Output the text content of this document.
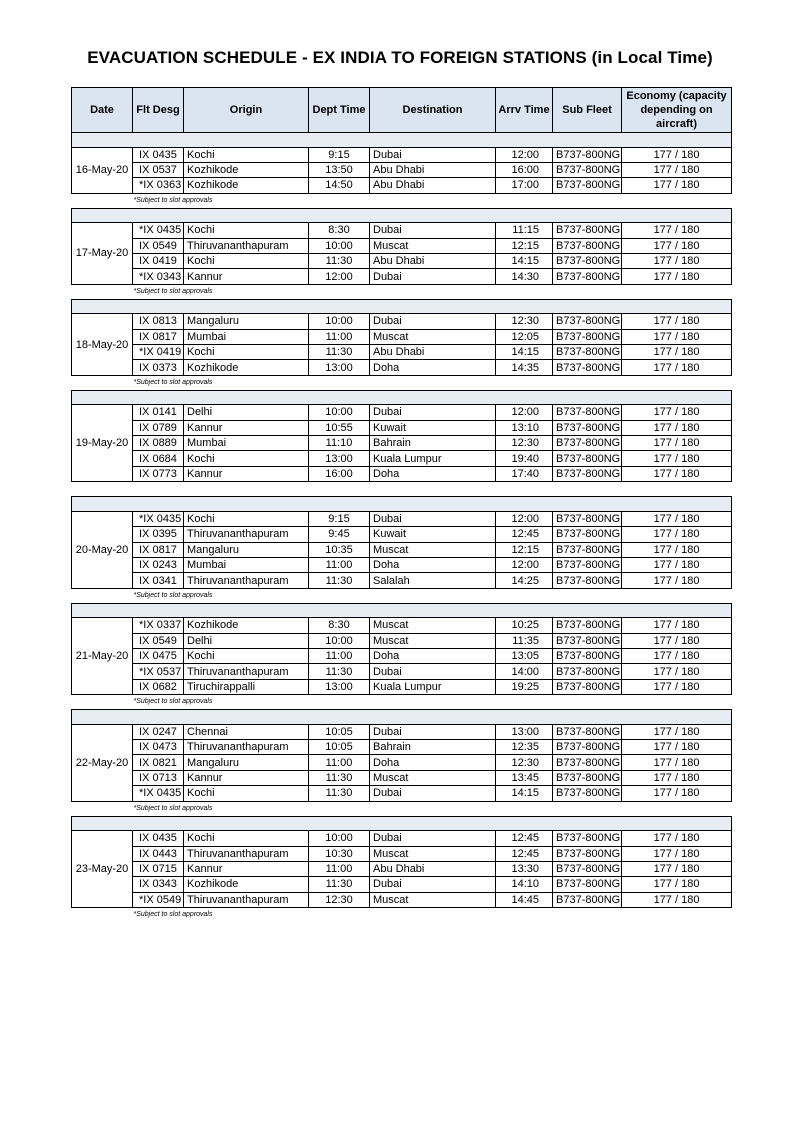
EVACUATION SCHEDULE - EX INDIA TO FOREIGN STATIONS (in Local Time)
Date	Flt Desg	Origin	Dept Time	Destination	Arrv Time	Sub Fleet	Economy (capacity depending on aircraft)

16-May-20	IX 0435	Kochi	9:15	Dubai	12:00	B737-800NG	177 / 180
	IX 0537	Kozhikode	13:50	Abu Dhabi	16:00	B737-800NG	177 / 180
	*IX 0363	Kozhikode	14:50	Abu Dhabi	17:00	B737-800NG	177 / 180
*Subject to slot approvals							

17-May-20	*IX 0435	Kochi	8:30	Dubai	11:15	B737-800NG	177 / 180
	IX 0549	Thiruvananthapuram	10:00	Muscat	12:15	B737-800NG	177 / 180
	IX 0419	Kochi	11:30	Abu Dhabi	14:15	B737-800NG	177 / 180
	*IX 0343	Kannur	12:00	Dubai	14:30	B737-800NG	177 / 180
*Subject to slot approvals							

18-May-20	IX 0813	Mangaluru	10:00	Dubai	12:30	B737-800NG	177 / 180
	IX 0817	Mumbai	11:00	Muscat	12:05	B737-800NG	177 / 180
	*IX 0419	Kochi	11:30	Abu Dhabi	14:15	B737-800NG	177 / 180
	IX 0373	Kozhikode	13:00	Doha	14:35	B737-800NG	177 / 180
*Subject to slot approvals							

19-May-20	IX 0141	Delhi	10:00	Dubai	12:00	B737-800NG	177 / 180
	IX 0789	Kannur	10:55	Kuwait	13:10	B737-800NG	177 / 180
	IX 0889	Mumbai	11:10	Bahrain	12:30	B737-800NG	177 / 180
	IX 0684	Kochi	13:00	Kuala Lumpur	19:40	B737-800NG	177 / 180
	IX 0773	Kannur	16:00	Doha	17:40	B737-800NG	177 / 180

20-May-20	*IX 0435	Kochi	9:15	Dubai	12:00	B737-800NG	177 / 180
	IX 0395	Thiruvananthapuram	9:45	Kuwait	12:45	B737-800NG	177 / 180
	IX 0817	Mangaluru	10:35	Muscat	12:15	B737-800NG	177 / 180
	IX 0243	Mumbai	11:00	Doha	12:00	B737-800NG	177 / 180
	IX 0341	Thiruvananthapuram	11:30	Salalah	14:25	B737-800NG	177 / 180
*Subject to slot approvals							

21-May-20	*IX 0337	Kozhikode	8:30	Muscat	10:25	B737-800NG	177 / 180
	IX 0549	Delhi	10:00	Muscat	11:35	B737-800NG	177 / 180
	IX 0475	Kochi	11:00	Doha	13:05	B737-800NG	177 / 180
	*IX 0537	Thiruvananthapuram	11:30	Dubai	14:00	B737-800NG	177 / 180
	IX 0682	Tiruchirappalli	13:00	Kuala Lumpur	19:25	B737-800NG	177 / 180
*Subject to slot approvals							

22-May-20	IX 0247	Chennai	10:05	Dubai	13:00	B737-800NG	177 / 180
	IX 0473	Thiruvananthapuram	10:05	Bahrain	12:35	B737-800NG	177 / 180
	IX 0821	Mangaluru	11:00	Doha	12:30	B737-800NG	177 / 180
	IX 0713	Kannur	11:30	Muscat	13:45	B737-800NG	177 / 180
	*IX 0435	Kochi	11:30	Dubai	14:15	B737-800NG	177 / 180
*Subject to slot approvals							

23-May-20	IX 0435	Kochi	10:00	Dubai	12:45	B737-800NG	177 / 180
	IX 0443	Thiruvananthapuram	10:30	Muscat	12:45	B737-800NG	177 / 180
	IX 0715	Kannur	11:00	Abu Dhabi	13:30	B737-800NG	177 / 180
	IX 0343	Kozhikode	11:30	Dubai	14:10	B737-800NG	177 / 180
	*IX 0549	Thiruvananthapuram	12:30	Muscat	14:45	B737-800NG	177 / 180
*Subject to slot approvals							
